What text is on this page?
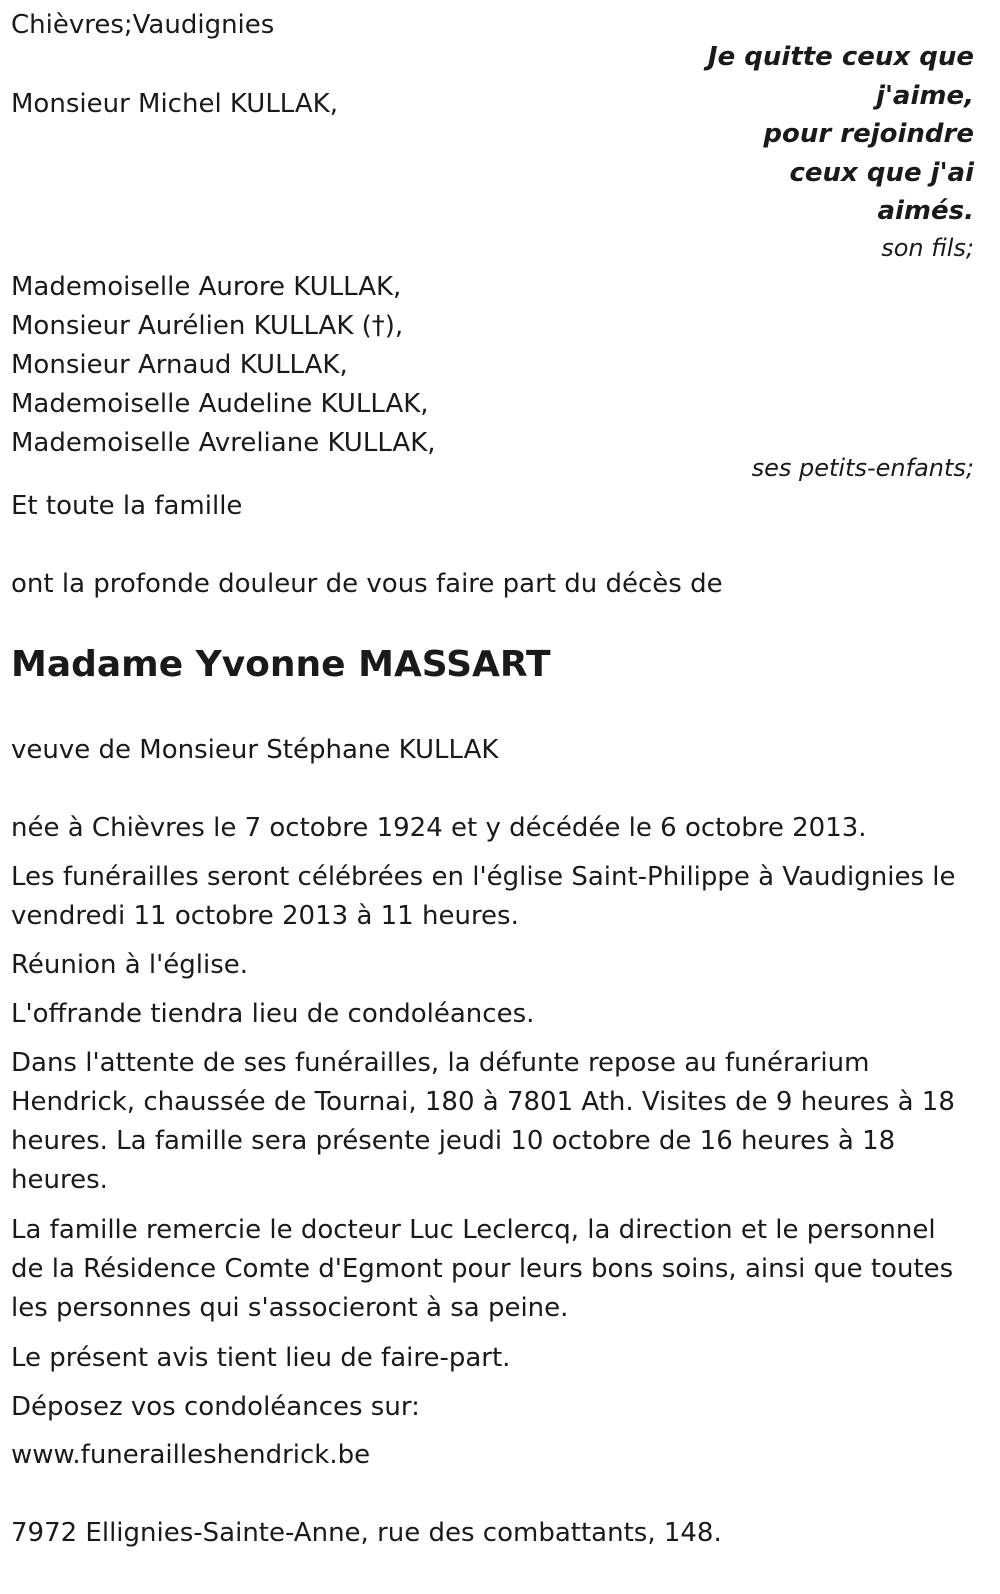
Chièvres;Vaudignies
Je quitte ceux que
j'aime,
pour rejoindre
ceux que j'ai
aimés.
Monsieur Michel KULLAK,
son fils;
Mademoiselle Aurore KULLAK,
Monsieur Aurélien KULLAK (†),
Monsieur Arnaud KULLAK,
Mademoiselle Audeline KULLAK,
Mademoiselle Avreliane KULLAK,
ses petits-enfants;
Et toute la famille
ont la profonde douleur de vous faire part du décès de
Madame Yvonne MASSART
veuve de Monsieur Stéphane KULLAK
née à Chièvres le 7 octobre 1924 et y décédée le 6 octobre 2013.

Les funérailles seront célébrées en l'église Saint-Philippe à Vaudignies le vendredi 11 octobre 2013 à 11 heures.

Réunion à l'église.
L'offrande tiendra lieu de condoléances.

Dans l'attente de ses funérailles, la défunte repose au funérarium Hendrick, chaussée de Tournai, 180 à 7801 Ath. Visites de 9 heures à 18 heures. La famille sera présente jeudi 10 octobre de 16 heures à 18 heures.

La famille remercie le docteur Luc Leclercq, la direction et le personnel de la Résidence Comte d'Egmont pour leurs bons soins, ainsi que toutes les personnes qui s'associeront à sa peine.

Le présent avis tient lieu de faire-part.
Déposez vos condoléances sur:
www.funerailleshendrick.be
7972 Ellignies-Sainte-Anne, rue des combattants, 148.
